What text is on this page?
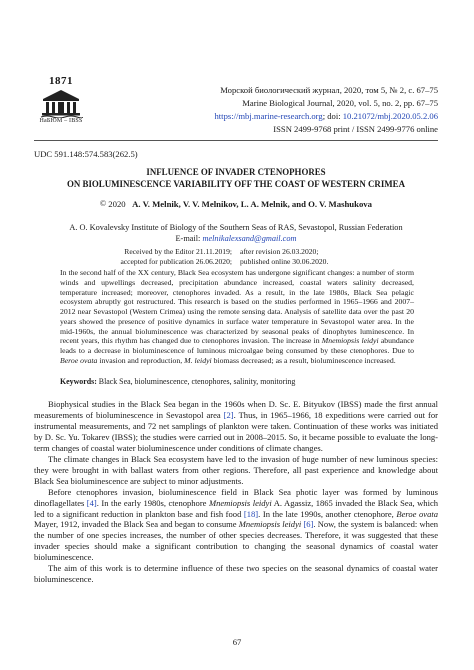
1871
НаБЮМ – IBSS
Морской биологический журнал, 2020, том 5, № 2, с. 67–75
Marine Biological Journal, 2020, vol. 5, no. 2, pp. 67–75
https://mbj.marine-research.org; doi: 10.21072/mbj.2020.05.2.06
ISSN 2499-9768 print / ISSN 2499-9776 online
UDC 591.148:574.583(262.5)
INFLUENCE OF INVADER CTENOPHORES
ON BIOLUMINESCENCE VARIABILITY OFF THE COAST OF WESTERN CRIMEA
© 2020 A. V. Melnik, V. V. Melnikov, L. A. Melnik, and O. V. Mashukova
A. O. Kovalevsky Institute of Biology of the Southern Seas of RAS, Sevastopol, Russian Federation
E-mail: melnikalexsand@gmail.com
Received by the Editor 21.11.2019;	after revision 26.03.2020;
accepted for publication 26.06.2020;	published online 30.06.2020.
In the second half of the XX century, Black Sea ecosystem has undergone significant changes: a number of storm winds and upwellings decreased, precipitation abundance increased, coastal waters salinity decreased, temperature increased; moreover, ctenophores invaded. As a result, in the late 1980s, Black Sea pelagic ecosystem abruptly got restructured. This research is based on the studies performed in 1965–1966 and 2007–2012 near Sevastopol (Western Crimea) using the remote sensing data. Analysis of satellite data over the past 20 years showed the presence of positive dynamics in surface water temperature in Sevastopol water area. In the mid-1960s, the annual bioluminescence was characterized by seasonal peaks of dinophytes luminescence. In recent years, this rhythm has changed due to ctenophores invasion. The increase in Mnemiopsis leidyi abundance leads to a decrease in bioluminescence of luminous microalgae being consumed by these ctenophores. Due to Beroe ovata invasion and reproduction, M. leidyi biomass decreased; as a result, bioluminescence increased.
Keywords: Black Sea, bioluminescence, ctenophores, salinity, monitoring

Biophysical studies in the Black Sea began in the 1960s when D. Sc. E. Bityukov (IBSS) made the first annual measurements of bioluminescence in Sevastopol area [2]. Thus, in 1965–1966, 18 expeditions were carried out for instrumental measurements, and 72 net samplings of plankton were taken. Continuation of these works was initiated by D. Sc. Yu. Tokarev (IBSS); the studies were carried out in 2008–2015. So, it became possible to evaluate the long-term changes of coastal water bioluminescence under conditions of climate changes.

The climate changes in Black Sea ecosystem have led to the invasion of huge number of new luminous species: they were brought in with ballast waters from other regions. Therefore, all past experience and knowledge about Black Sea bioluminescence are subject to minor adjustments.

Before ctenophores invasion, bioluminescence field in Black Sea photic layer was formed by luminous dinoflagellates [4]. In the early 1980s, ctenophore Mnemiopsis leidyi A. Agassiz, 1865 invaded the Black Sea, which led to a significant reduction in plankton base and fish food [18]. In the late 1990s, another ctenophore, Beroe ovata Mayer, 1912, invaded the Black Sea and began to consume Mnemiopsis leidyi [6]. Now, the system is balanced: when the number of one species increases, the number of other species decreases. Therefore, it was suggested that these invader species should make a significant contribution to changing the seasonal dynamics of coastal water bioluminescence.

The aim of this work is to determine influence of these two species on the seasonal dynamics of coastal water bioluminescence.

67
